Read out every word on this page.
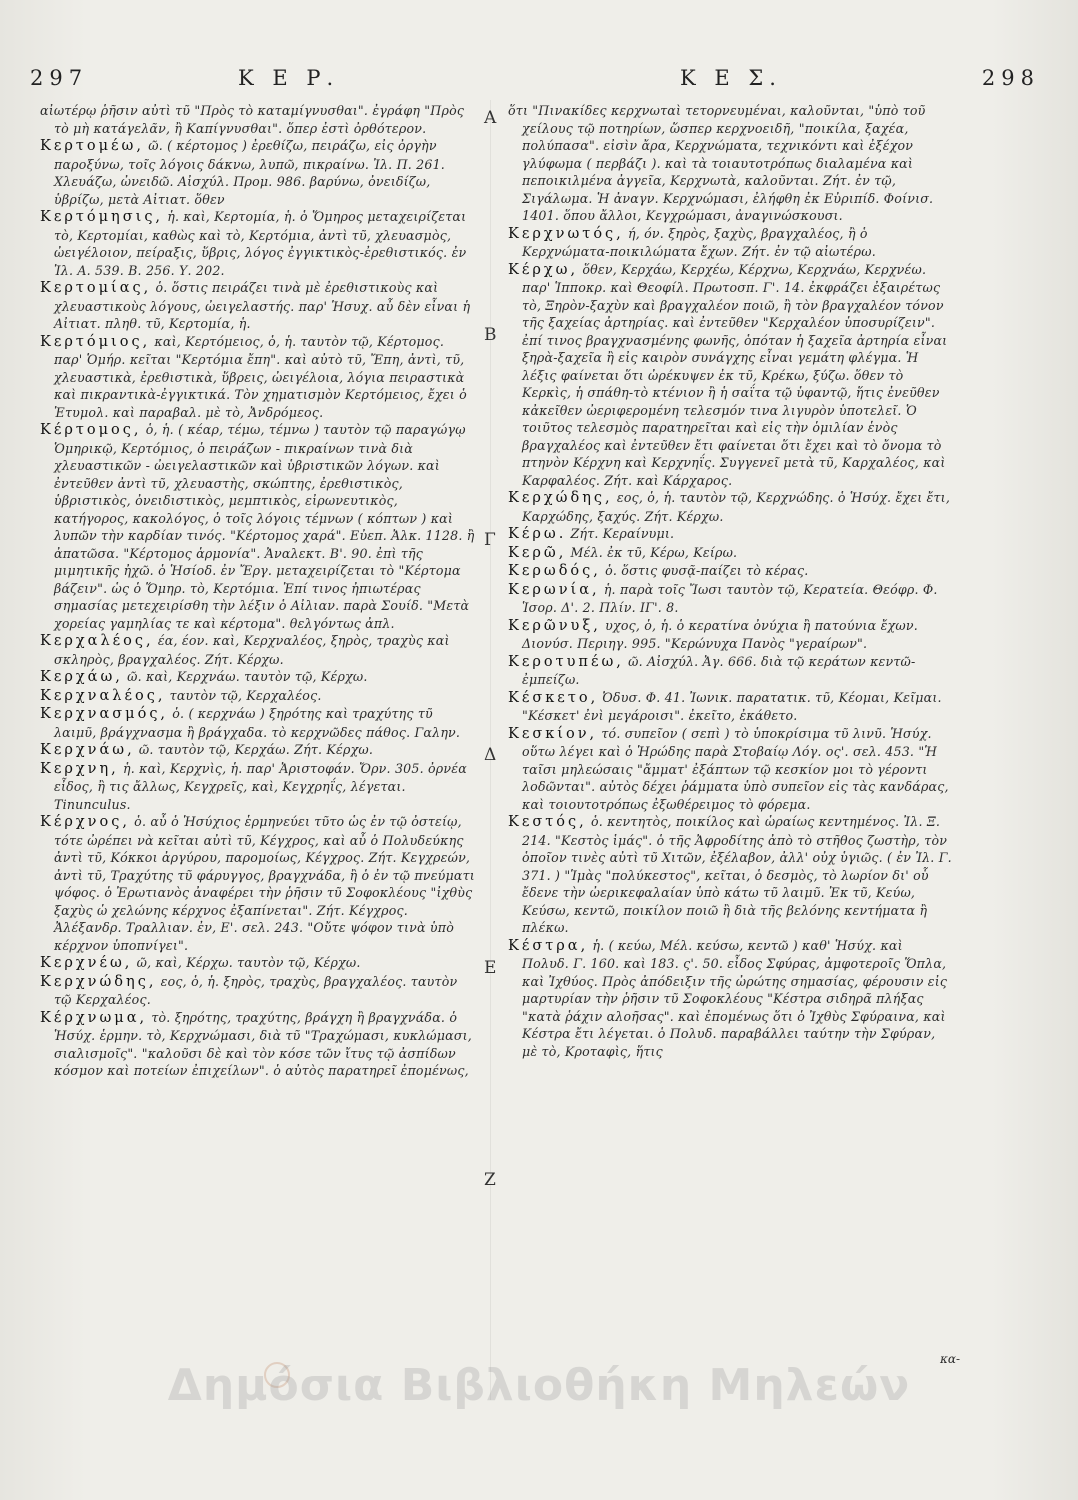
297	Κ Ε Ρ.	Κ Ε Σ.	298
Α
Β
Γ
Δ
Ε
Ζ

αἰωτέρῳ ῥῆσιν αὐτὶ τῦ "Πρὸς τὸ καταμίγνυσθαι". ἐγράφη "Πρὸς τὸ μὴ κατάγελᾶν, ἢ Καπίγνυσθαι". ὅπερ ἐστὶ ὀρθότερον.

Κερτομέω, ῶ. ( κέρτομος ) ἐρεθίζω, πειράζω, εἰς ὀργὴν παροξύνω, τοῖς λόγοις δάκνω, λυπῶ, πικραίνω. Ἰλ. Π. 261. Χλευάζω, ὠνειδῶ. Αἰσχύλ. Προμ. 986. βαρύνω, ὀνειδίζω, ὑβρίζω, μετὰ Αἰτιατ. ὅθεν

Κερτόμησις, ἡ. καὶ, Κερτομία, ἡ. ὁ Ὅμηρος μεταχειρίζεται τὸ, Κερτομίαι, καθὼς καὶ τὸ, Κερτόμια, ἀντὶ τῦ, χλευασμὸς, ὠειγέλοιον, πείραξις, ὕβρις, λόγος ἐγγικτικὸς-ἐρεθιστικός. ἐν Ἰλ. Α. 539. Β. 256. Υ. 202.

Κερτομίας, ὁ. ὅστις πειράζει τινὰ μὲ ἐρεθιστικοὺς καὶ χλευαστικοὺς λόγους, ὠειγελαστής. παρ' Ἡσυχ. αὖ δὲν εἶναι ἡ Αἰτιατ. πληθ. τῦ, Κερτομία, ἡ.

Κερτόμιος, καὶ, Κερτόμειος, ὁ, ἡ. ταυτὸν τῷ, Κέρτομος. παρ' Ὁμήρ. κεῖται "Κερτόμια ἔπη". καὶ αὐτὸ τῦ, Ἔπη, ἀντὶ, τῦ, χλευαστικὰ, ἐρεθιστικὰ, ὕβρεις, ὠειγέλοια, λόγια πειραστικὰ καὶ πικραντικὰ-ἐγγικτικά. Τὸν χηματισμὸν Κερτόμειος, ἔχει ὁ Ἐτυμολ. καὶ παραβαλ. μὲ τὸ, Ἀνδρόμεος.

Κέρτομος, ὁ, ἡ. ( κέαρ, τέμω, τέμνω ) ταυτὸν τῷ παραγώγῳ Ὁμηρικῷ, Κερτόμιος, ὁ πειράζων - πικραίνων τινὰ διὰ χλευαστικῶν - ὠειγελαστικῶν καὶ ὑβριστικῶν λόγων. καὶ ἐντεῦθεν ἀντὶ τῦ, χλευαστὴς, σκώπτης, ἐρεθιστικὸς, ὑβριστικὸς, ὀνειδιστικὸς, μεμπτικὸς, εἰρωνευτικὸς, κατήγορος, κακολόγος, ὁ τοῖς λόγοις τέμνων ( κόπτων ) καὶ λυπῶν τὴν καρδίαν τινός. "Κέρτομος χαρά". Εὐεπ. Ἀλκ. 1128. ἢ ἀπατῶσα. "Κέρτομος ἁρμονία". Ἀναλεκτ. Β'. 90. ἐπὶ τῆς μιμητικῆς ἠχῶ. ὁ Ἡσίοδ. ἐν Ἔργ. μεταχειρίζεται τὸ "Κέρτομα βάζειν". ὡς ὁ Ὅμηρ. τὸ, Κερτόμια. Ἐπί τινος ἠπιωτέρας σημασίας μετεχειρίσθη τὴν λέξιν ὁ Αἰλιαν. παρὰ Σουίδ. "Μετὰ χορείας γαμηλίας τε καὶ κέρτομα". θελγόντως ἀπλ.

Κερχαλέος, έα, έον. καὶ, Κερχναλέος, ξηρὸς, τραχὺς καὶ σκληρὸς, βραγχαλέος. Ζήτ. Κέρχω.

Κερχάω, ῶ. καὶ, Κερχνάω. ταυτὸν τῷ, Κέρχω.

Κερχναλέος, ταυτὸν τῷ, Κερχαλέος.

Κερχνασμός, ὁ. ( κερχνάω ) ξηρότης καὶ τραχύτης τῦ λαιμῦ, βράγχνασμα ἢ βράγχαδα. τὸ κερχνῶδες πάθος. Γαλην.

Κερχνάω, ῶ. ταυτὸν τῷ, Κερχάω. Ζήτ. Κέρχω.

Κερχνη, ἡ. καὶ, Κερχνὶς, ἡ. παρ' Ἀριστοφάν. Ὄρν. 305. ὀρνέα εἶδος, ἢ τις ἄλλως, Κεγχρεῖς, καὶ, Κεγχρηΐς, λέγεται. Tinunculus.

Κέρχνος, ὁ. αὖ ὁ Ἡσύχιος ἑρμηνεύει τῦτο ὡς ἐν τῷ ὀστείῳ, τότε ὠρέπει νὰ κεῖται αὐτὶ τῦ, Κέγχρος, καὶ αὖ ὁ Πολυδεύκης ἀντὶ τῦ, Κόκκοι ἀργύρου, παρομοίως, Κέγχρος. Ζήτ. Κεγχρεών, ἀντὶ τῦ, Τραχύτης τῦ φάρυγγος, βραγχνάδα, ἢ ὁ ἐν τῷ πνεύματι ψόφος. ὁ Ἐρωτιανὸς ἀναφέρει τὴν ῥῆσιν τῦ Σοφοκλέους "ἰχθὺς ξαχὺς ὡ χελώνης κέρχνος ἐξαπίνεται". Ζήτ. Κέγχρος. Ἀλέξανδρ. Τραλλιαν. ἐν, Ε'. σελ. 243. "Οὔτε ψόφον τινὰ ὑπὸ κέρχνον ὑποπνίγει".

Κερχνέω, ῶ, καὶ, Κέρχω. ταυτὸν τῷ, Κέρχω.

Κερχνώδης, εος, ὁ, ἡ. ξηρὸς, τραχὺς, βραγχαλέος. ταυτὸν τῷ Κερχαλέος.

Κέρχνωμα, τὸ. ξηρότης, τραχύτης, βράγχη ἢ βραγχνάδα. ὁ Ἡσύχ. ἑρμην. τὸ, Κερχνώμασι, διὰ τῦ "Τραχώμασι, κυκλώμασι, σιαλισμοῖς". "καλοῦσι δὲ καὶ τὸν κόσε τῶν ἴτυς τῷ ἀσπίδων κόσμον καὶ ποτείων ἐπιχείλων". ὁ αὐτὸς παρατηρεῖ ἐπομένως,

ὅτι "Πινακίδες κερχνωταὶ τετορνευμέναι, καλοῦνται, "ὑπὸ τοῦ χείλους τῷ ποτηρίων, ὥσπερ κερχνοειδῆ, "ποικίλα, ξαχέα, πολύπασα". εἰσὶν ἄρα, Κερχνώματα, τεχνικόντι καὶ ἐξέχον γλύφωμα ( περβάζι ). καὶ τὰ τοιαυτοτρόπως διαλαμένα καὶ πεποικιλμένα ἀγγεῖα, Κερχνωτὰ, καλοῦνται. Ζήτ. ἐν τῷ, Σιγάλωμα. Ἡ ἀναγν. Κερχνώμασι, ἐλήφθη ἐκ Εὐριπίδ. Φοίνισ. 1401. ὅπου ἄλλοι, Κεγχρώμασι, ἀναγινώσκουσι.

Κερχνωτός, ή, όν. ξηρὸς, ξαχὺς, βραγχαλέος, ἢ ὁ Κερχνώματα-ποικιλώματα ἔχων. Ζήτ. ἐν τῷ αἰωτέρω.

Κέρχω, ὅθεν, Κερχάω, Κερχέω, Κέρχνω, Κερχνάω, Κερχνέω. παρ' Ἱπποκρ. καὶ Θεοφίλ. Πρωτοσπ. Γ'. 14. ἐκφράζει ἐξαιρέτως τὸ, Ξηρὸν-ξαχὺν καὶ βραγχαλέον ποιῶ, ἢ τὸν βραγχαλέον τόνον τῆς ξαχείας ἀρτηρίας. καὶ ἐντεῦθεν "Κερχαλέον ὑποσυρίζειν". ἐπί τινος βραγχνασμένης φωνῆς, ὁπόταν ἡ ξαχεῖα ἀρτηρία εἶναι ξηρὰ-ξαχεῖα ἢ εἰς καιρὸν συνάγχης εἶναι γεμάτη φλέγμα. Ἡ λέξις φαίνεται ὅτι ὠρέκυψεν ἐκ τῦ, Κρέκω, ξύζω. ὅθεν τὸ Κερκὶς, ἡ σπάθη-τὸ κτένιον ἢ ἡ σαΐτα τῷ ὑφαντῷ, ἥτις ἐνεῦθεν κἀκεῖθεν ὠεριφερομένη τελεσμόν τινα λιγυρὸν ὑποτελεῖ. Ὁ τοιῦτος τελεσμὸς παρατηρεῖται καὶ εἰς τὴν ὁμιλίαν ἑνὸς βραγχαλέος καὶ ἐντεῦθεν ἔτι φαίνεται ὅτι ἔχει καὶ τὸ ὄνομα τὸ πτηνὸν Κέρχνη καὶ Κερχνηΐς. Συγγενεῖ μετὰ τῦ, Καρχαλέος, καὶ Καρφαλέος. Ζήτ. καὶ Κάρχαρος.

Κερχώδης, εος, ὁ, ἡ. ταυτὸν τῷ, Κερχνώδης. ὁ Ἡσύχ. ἔχει ἔτι, Καρχώδης, ξαχύς. Ζήτ. Κέρχω.

Κέρω. Ζήτ. Κεραίνυμι.

Κερῶ, Μέλ. ἐκ τῦ, Κέρω, Κείρω.

Κερωδός, ὁ. ὅστις φυσᾷ-παίζει τὸ κέρας.

Κερωνία, ἡ. παρὰ τοῖς Ἴωσι ταυτὸν τῷ, Κερατεία. Θεόφρ. Φ. Ἱσορ. Δ'. 2. Πλίν. ΙΓ'. 8.

Κερῶνυξ, υχος, ὁ, ἡ. ὁ κερατίνα ὀνύχια ἢ πατούνια ἔχων. Διονύσ. Περιηγ. 995. "Κερώνυχα Πανὸς "γεραίρων".

Κεροτυπέω, ῶ. Αἰσχύλ. Ἀγ. 666. διὰ τῷ κεράτων κεντῶ-ἐμπείζω.

Κέσκετο, Ὀδυσ. Φ. 41. Ἰωνικ. παρατατικ. τῦ, Κέομαι, Κεῖμαι. "Κέσκετ' ἐνὶ μεγάροισι". ἐκεῖτο, ἐκάθετο.

Κεσκίον, τό. συπεῖον ( σεπὶ ) τὸ ὑποκρίσιμα τῦ λινῦ. Ἡσύχ. οὕτω λέγει καὶ ὁ Ἡρώδης παρὰ Στοβαίῳ Λόγ. ος'. σελ. 453. "Ἡ ταῖσι μηλεώσαις "ἄμματ' ἐξάπτων τῷ κεσκίον μοι τὸ γέροντι λοδῶνται". αὐτὸς δέχει ῥάμματα ὑπὸ συπεῖον εἰς τὰς κανδάρας, καὶ τοιουτοτρόπως ἐξωθέρειμος τὸ φόρεμα.

Κεστός, ὁ. κεντητὸς, ποικίλος καὶ ὡραίως κεντημένος. Ἰλ. Ξ. 214. "Κεστὸς ἱμάς". ὁ τῆς Ἀφροδίτης ἀπὸ τὸ στῆθος ζωστὴρ, τὸν ὁποῖον τινὲς αὐτὶ τῦ Χιτῶν, ἐξέλαβον, ἀλλ' οὐχ ὑγιῶς. ( ἐν Ἰλ. Γ. 371. ) "Ἱμὰς "πολύκεστος", κεῖται, ὁ δεσμὸς, τὸ λωρίον δι' οὗ ἔδενε τὴν ὠερικεφαλαίαν ὑπὸ κάτω τῦ λαιμῦ. Ἐκ τῦ, Κεύω, Κεύσω, κεντῶ, ποικίλον ποιῶ ἢ διὰ τῆς βελόνης κεντήματα ἢ πλέκω.

Κέστρα, ἡ. ( κεύω, Μέλ. κεύσω, κεντῶ ) καθ' Ἡσύχ. καὶ Πολυδ. Γ. 160. καὶ 183. ς'. 50. εἶδος Σφύρας, ἀμφοτεροῖς Ὅπλα, καὶ Ἰχθύος. Πρὸς ἀπόδειξιν τῆς ὠρώτης σημασίας, φέρουσιν εἰς μαρτυρίαν τὴν ῥῆσιν τῦ Σοφοκλέους "Κέστρα σιδηρᾶ πλήξας "κατὰ ῥάχιν αλοῆσας". καὶ ἐπομένως ὅτι ὁ Ἰχθὺς Σφύραινα, καὶ Κέστρα ἔτι λέγεται. ὁ Πολυδ. παραβάλλει ταύτην τὴν Σφύραν, μὲ τὸ, Κροταφὶς, ἥτις

κα-
Δημόσια Βιβλιοθήκη Μηλεών
